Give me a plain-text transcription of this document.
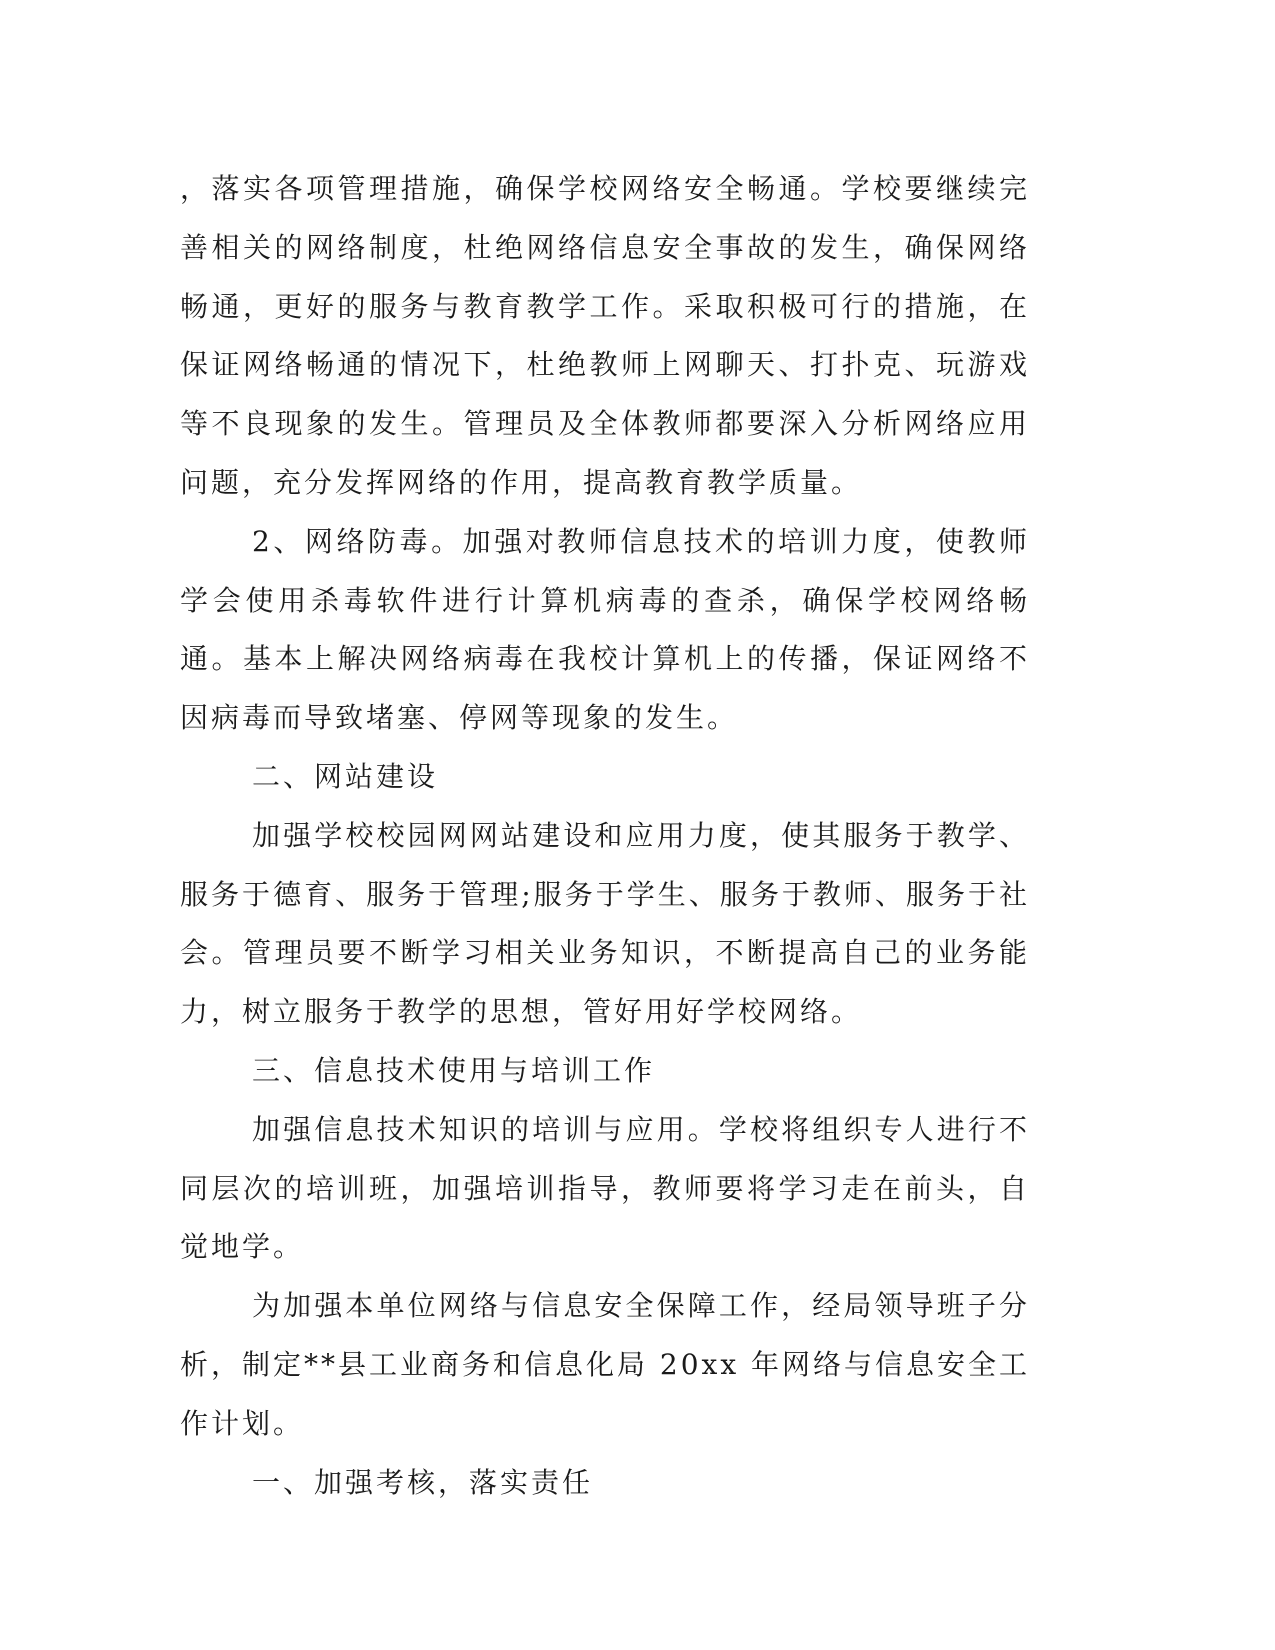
，落实各项管理措施，确保学校网络安全畅通。学校要继续完善相关的网络制度，杜绝网络信息安全事故的发生，确保网络畅通，更好的服务与教育教学工作。采取积极可行的措施，在保证网络畅通的情况下，杜绝教师上网聊天、打扑克、玩游戏等不良现象的发生。管理员及全体教师都要深入分析网络应用问题，充分发挥网络的作用，提高教育教学质量。

2、网络防毒。加强对教师信息技术的培训力度，使教师学会使用杀毒软件进行计算机病毒的查杀，确保学校网络畅通。基本上解决网络病毒在我校计算机上的传播，保证网络不因病毒而导致堵塞、停网等现象的发生。

二、网站建设

加强学校校园网网站建设和应用力度，使其服务于教学、服务于德育、服务于管理;服务于学生、服务于教师、服务于社会。管理员要不断学习相关业务知识，不断提高自己的业务能力，树立服务于教学的思想，管好用好学校网络。

三、信息技术使用与培训工作

加强信息技术知识的培训与应用。学校将组织专人进行不同层次的培训班，加强培训指导，教师要将学习走在前头，自觉地学。

为加强本单位网络与信息安全保障工作，经局领导班子分析，制定**县工业商务和信息化局 20xx 年网络与信息安全工作计划。

一、加强考核，落实责任
